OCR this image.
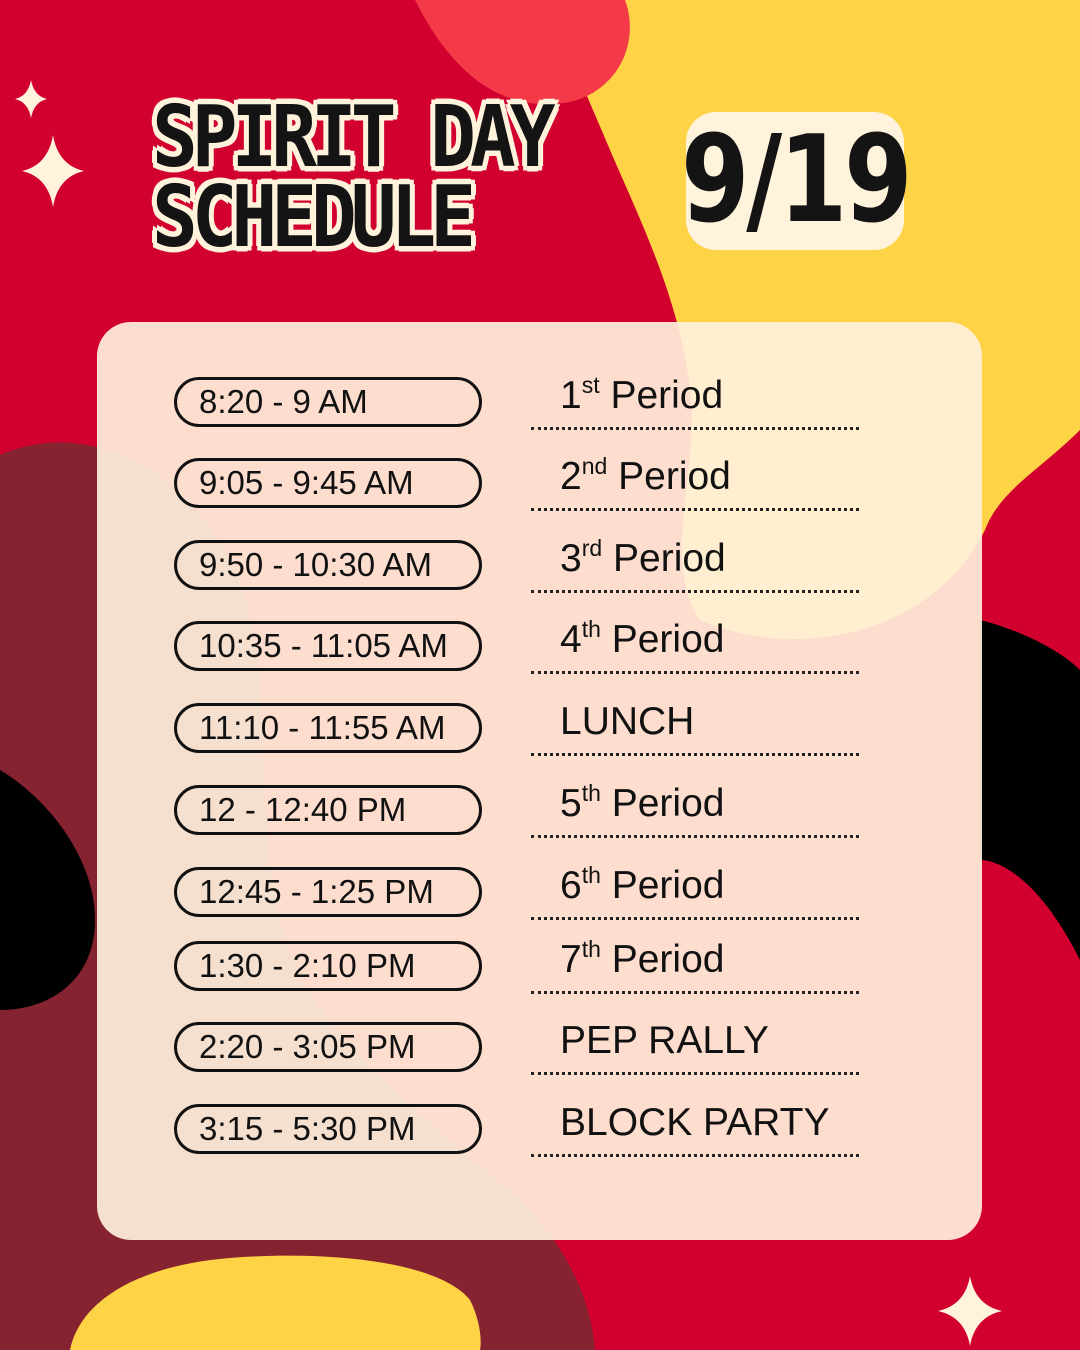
SPIRIT DAY
SCHEDULE 9/19
8:20 - 9 AM	1st Period
9:05 - 9:45 AM	2nd Period
9:50 - 10:30 AM	3rd Period
10:35 - 11:05 AM	4th Period
11:10 - 11:55 AM	LUNCH
12 - 12:40 PM	5th Period
12:45 - 1:25 PM	6th Period
1:30 - 2:10 PM	7th Period
2:20 - 3:05 PM	PEP RALLY
3:15 - 5:30 PM	BLOCK PARTY
